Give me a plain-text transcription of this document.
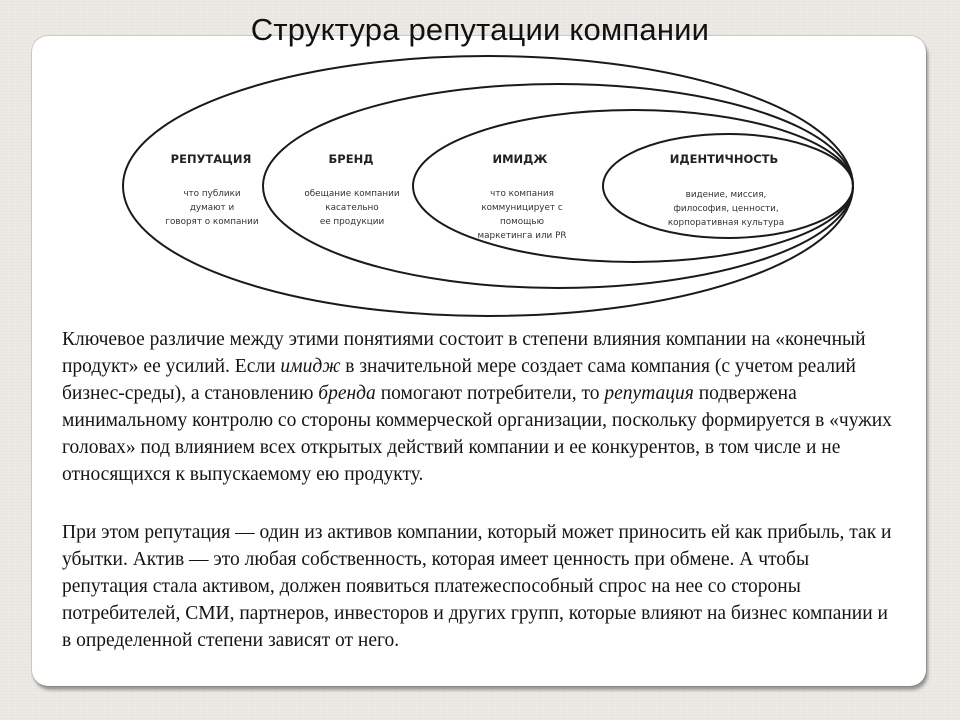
Структура репутации компании
РЕПУТАЦИЯ
что публики
думают и
говорят о компании
БРЕНД
обещание компании
касательно
ее продукции
ИМИДЖ
что компания
коммуницирует с
помощью
маркетинга или PR
ИДЕНТИЧНОСТЬ
видение, миссия,
философия, ценности,
корпоративная культура

Ключевое различие между этими понятиями состоит в степени влияния компании на «конечный продукт» ее усилий. Если имидж в значительной мере создает сама компания (с учетом реалий бизнес-среды), а становлению бренда помогают потребители, то репутация подвержена минимальному контролю со стороны коммерческой организации, поскольку формируется в «чужих головах» под влиянием всех открытых действий компании и ее конкурентов, в том числе и не относящихся к выпускаемому ею продукту.

При этом репутация — один из активов компании, который может приносить ей как прибыль, так и убытки. Актив — это любая собственность, которая имеет ценность при обмене. А чтобы репутация стала активом, должен появиться платежеспособный спрос на нее со стороны потребителей, СМИ, партнеров, инвесторов и других групп, которые влияют на бизнес компании и в определенной степени зависят от него.
